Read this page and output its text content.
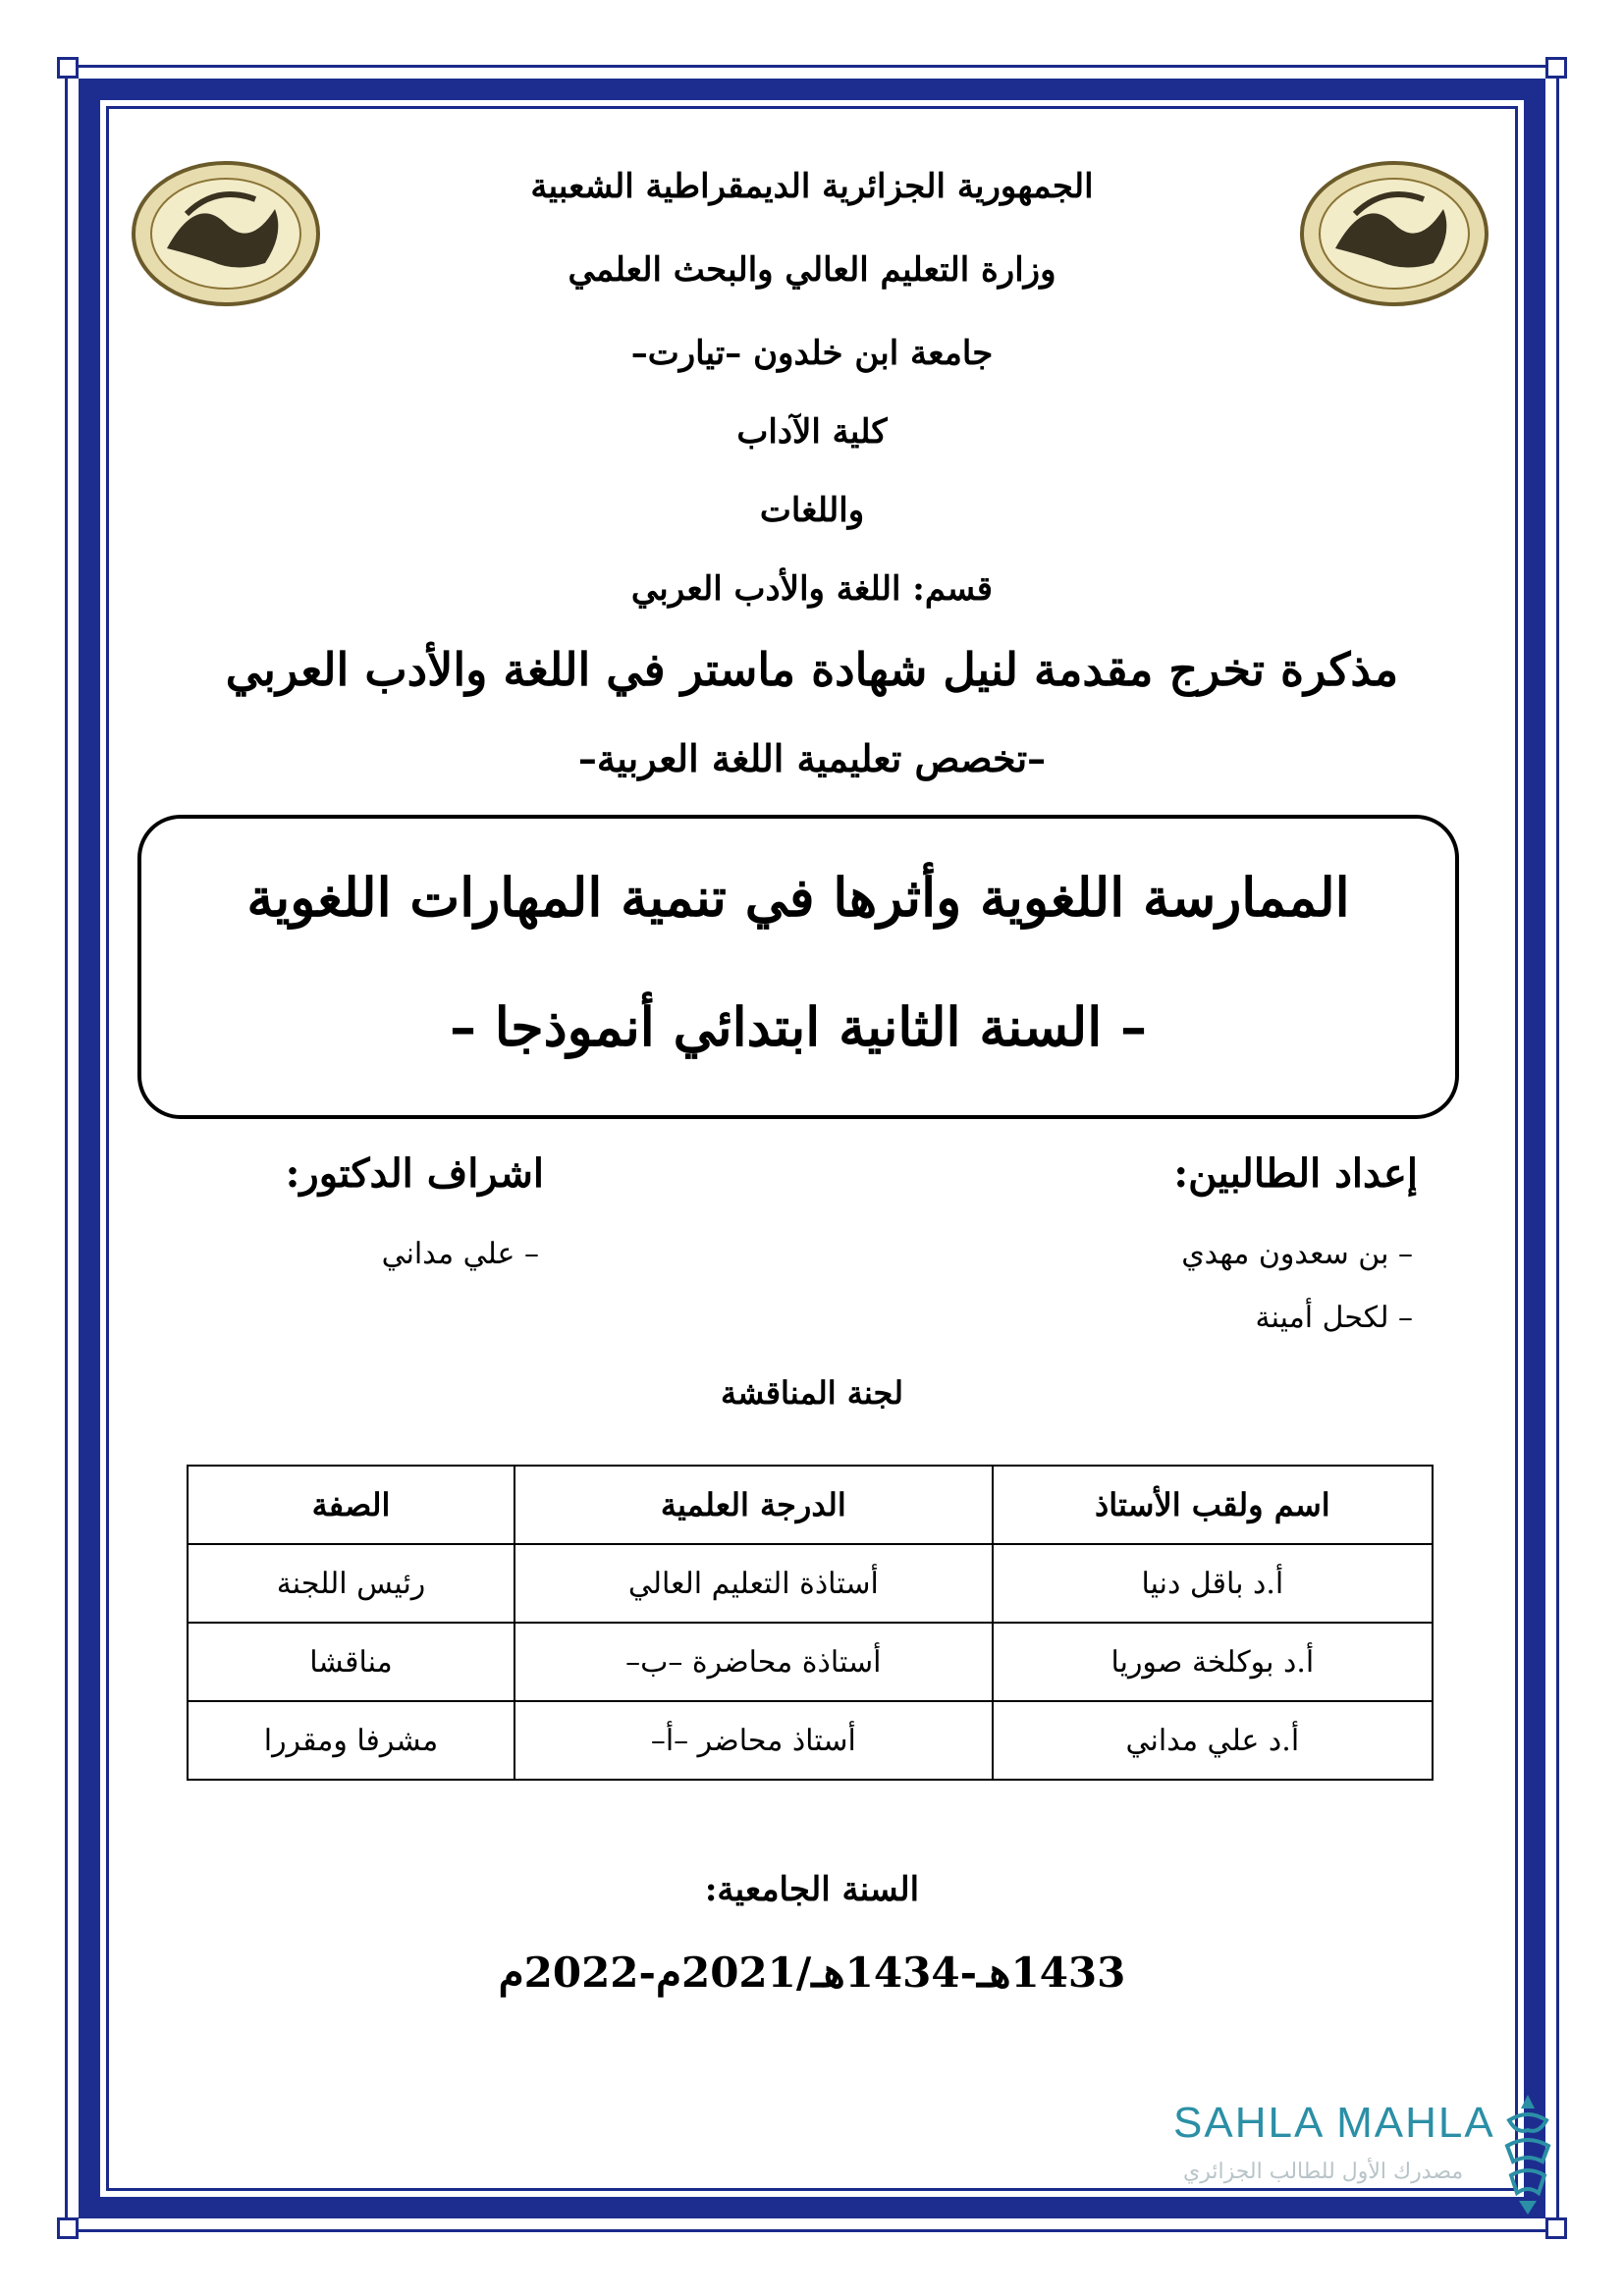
الجمهورية الجزائرية الديمقراطية الشعبية
وزارة التعليم العالي والبحث العلمي
جامعة ابن خلدون –تيارت–
كلية الآداب
واللغات
قسم: اللغة والأدب العربي
مذكرة تخرج مقدمة لنيل شهادة ماستر في اللغة والأدب العربي
–تخصص تعليمية اللغة العربية–
الممارسة اللغوية وأثرها في تنمية المهارات اللغوية
– السنة الثانية ابتدائي أنموذجا –
إعداد الطالبين:
– بن سعدون مهدي
– لكحل أمينة
اشراف الدكتور:
– علي مداني
لجنة المناقشة
اسم ولقب الأستاذ	الدرجة العلمية	الصفة
أ.د باقل دنيا	أستاذة التعليم العالي	رئيس اللجنة
أ.د بوكلخة صوريا	أستاذة محاضرة –ب–	مناقشا
أ.د علي مداني	أستاذ محاضر –أ–	مشرفا ومقررا
السنة الجامعية:
1433هـ-1434هـ/2021م-2022م
SAHLA MAHLA
مصدرك الأول للطالب الجزائري
